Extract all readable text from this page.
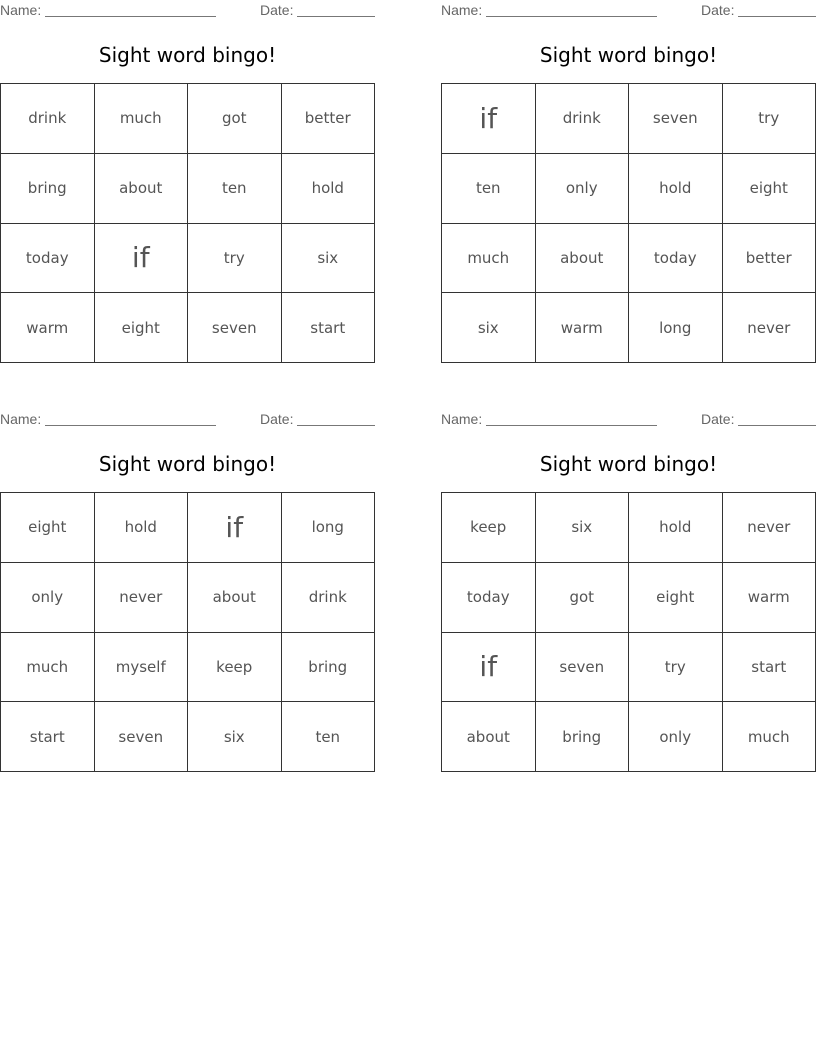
Name:	Date:
Sight word bingo!
drink	much	got	better
bring	about	ten	hold
today	if	try	six
warm	eight	seven	start
Name:	Date:
Sight word bingo!
if	drink	seven	try
ten	only	hold	eight
much	about	today	better
six	warm	long	never
Name:	Date:
Sight word bingo!
eight	hold	if	long
only	never	about	drink
much	myself	keep	bring
start	seven	six	ten
Name:	Date:
Sight word bingo!
keep	six	hold	never
today	got	eight	warm
if	seven	try	start
about	bring	only	much
